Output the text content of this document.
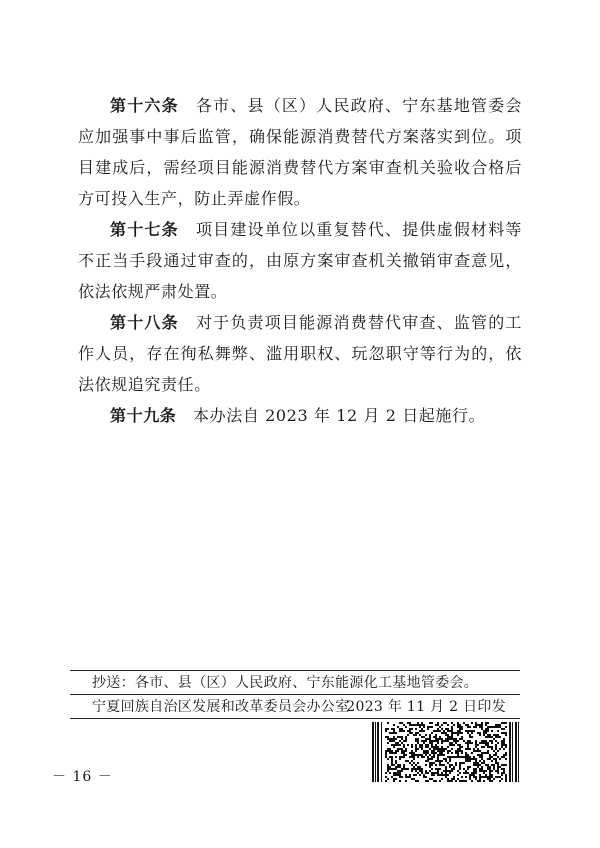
第十六条  各市、县（区）人民政府、宁东基地管委会应加强事中事后监管，确保能源消费替代方案落实到位。项目建成后，需经项目能源消费替代方案审查机关验收合格后方可投入生产，防止弄虚作假。

第十七条  项目建设单位以重复替代、提供虚假材料等不正当手段通过审查的，由原方案审查机关撤销审查意见，依法依规严肃处置。

第十八条  对于负责项目能源消费替代审查、监管的工作人员，存在徇私舞弊、滥用职权、玩忽职守等行为的，依法依规追究责任。

第十九条  本办法自 2023 年 12 月 2 日起施行。

抄送：各市、县（区）人民政府、宁东能源化工基地管委会。
宁夏回族自治区发展和改革委员会办公室
2023 年 11 月 2 日印发
－ 16 －
